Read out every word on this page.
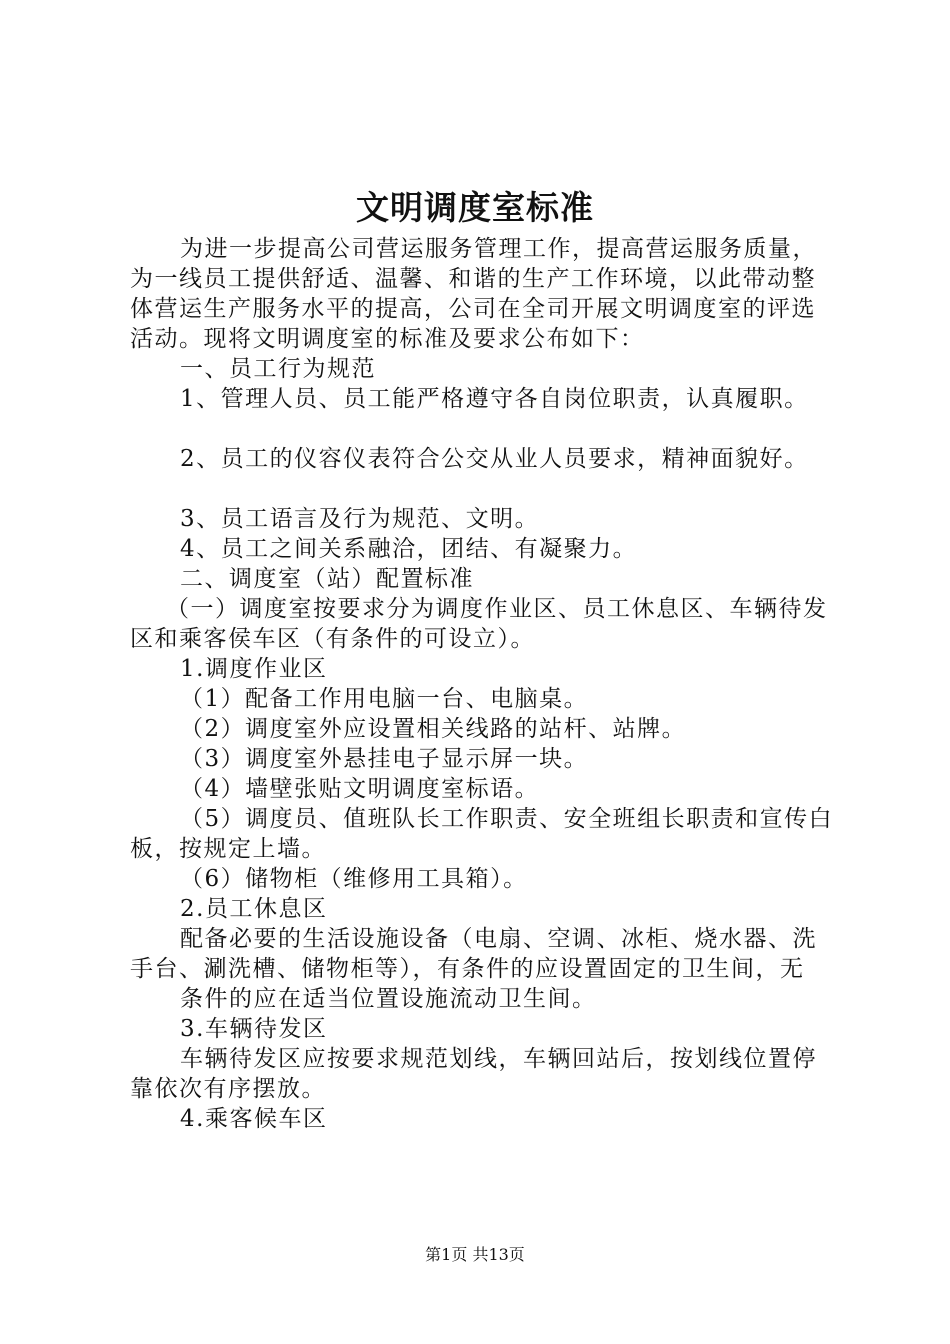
文明调度室标准

为进一步提高公司营运服务管理工作，提高营运服务质量，为一线员工提供舒适、温馨、和谐的生产工作环境，以此带动整体营运生产服务水平的提高，公司在全司开展文明调度室的评选活动。现将文明调度室的标准及要求公布如下：

一、员工行为规范

1、管理人员、员工能严格遵守各自岗位职责，认真履职。

2、员工的仪容仪表符合公交从业人员要求，精神面貌好。

3、员工语言及行为规范、文明。

4、员工之间关系融洽，团结、有凝聚力。

二、调度室（站）配置标准

（一）调度室按要求分为调度作业区、员工休息区、车辆待发区和乘客侯车区（有条件的可设立）。

1.调度作业区

（1）配备工作用电脑一台、电脑桌。

（2）调度室外应设置相关线路的站杆、站牌。

（3）调度室外悬挂电子显示屏一块。

（4）墙壁张贴文明调度室标语。

（5）调度员、值班队长工作职责、安全班组长职责和宣传白板，按规定上墙。

（6）储物柜（维修用工具箱）。

2.员工休息区

配备必要的生活设施设备（电扇、空调、冰柜、烧水器、洗手台、涮洗槽、储物柜等），有条件的应设置固定的卫生间，无

条件的应在适当位置设施流动卫生间。

3.车辆待发区

车辆待发区应按要求规范划线，车辆回站后，按划线位置停靠依次有序摆放。

4.乘客候车区

第1页 共13页
